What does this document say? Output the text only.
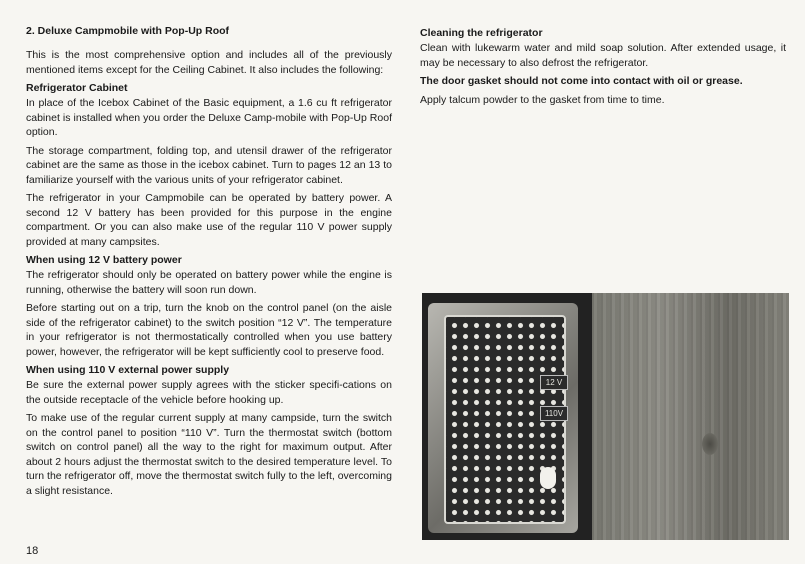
2. Deluxe Campmobile with Pop-Up Roof

This is the most comprehensive option and includes all of the previously mentioned items except for the Ceiling Cabinet. It also includes the following:

Refrigerator Cabinet

In place of the Icebox Cabinet of the Basic equipment, a 1.6 cu ft refrigerator cabinet is installed when you order the Deluxe Camp-mobile with Pop-Up Roof option.

The storage compartment, folding top, and utensil drawer of the refrigerator cabinet are the same as those in the icebox cabinet. Turn to pages 12 an 13 to familiarize yourself with the various units of your refrigerator cabinet.

The refrigerator in your Campmobile can be operated by battery power. A second 12 V battery has been provided for this purpose in the engine compartment. Or you can also make use of the regular 110 V power supply provided at many campsites.

When using 12 V battery power

The refrigerator should only be operated on battery power while the engine is running, otherwise the battery will soon run down.

Before starting out on a trip, turn the knob on the control panel (on the aisle side of the refrigerator cabinet) to the switch position “12 V”. The temperature in your refrigerator is not thermostatically controlled when you use battery power, however, the refrigerator will be kept sufficiently cool to preserve food.

When using 110 V external power supply

Be sure the external power supply agrees with the sticker specifi-cations on the outside receptacle of the vehicle before hooking up.

To make use of the regular current supply at many campside, turn the switch on the control panel to position “110 V”. Turn the thermostat switch (bottom switch on control panel) all the way to the right for maximum output. After about 2 hours adjust the thermostat switch to the desired temperature level. To turn the refrigerator off, move the thermostat switch fully to the left, overcoming a slight resistance.

Cleaning the refrigerator

Clean with lukewarm water and mild soap solution. After extended usage, it may be necessary to also defrost the refrigerator.

The door gasket should not come into contact with oil or grease.

Apply talcum powder to the gasket from time to time.

12 V
110V
18
